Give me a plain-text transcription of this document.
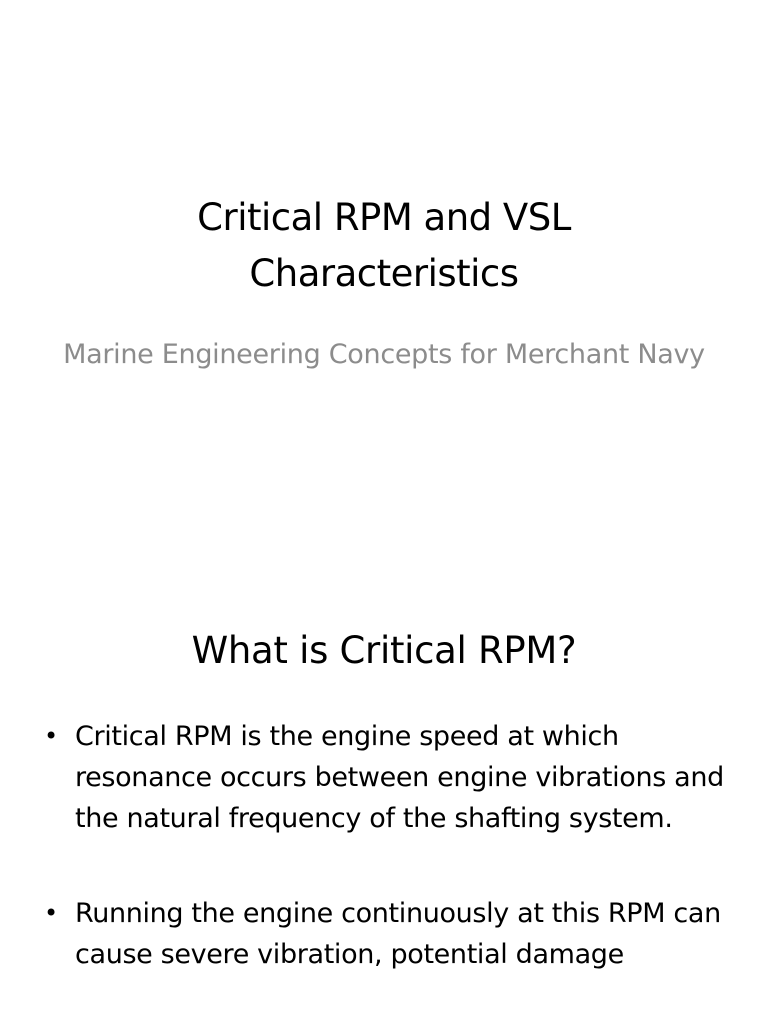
Critical RPM and VSL Characteristics
Marine Engineering Concepts for Merchant Navy
What is Critical RPM?
• Critical RPM is the engine speed at which resonance occurs between engine vibrations and the natural frequency of the shafting system.
• Running the engine continuously at this RPM can cause severe vibration, potential damage
